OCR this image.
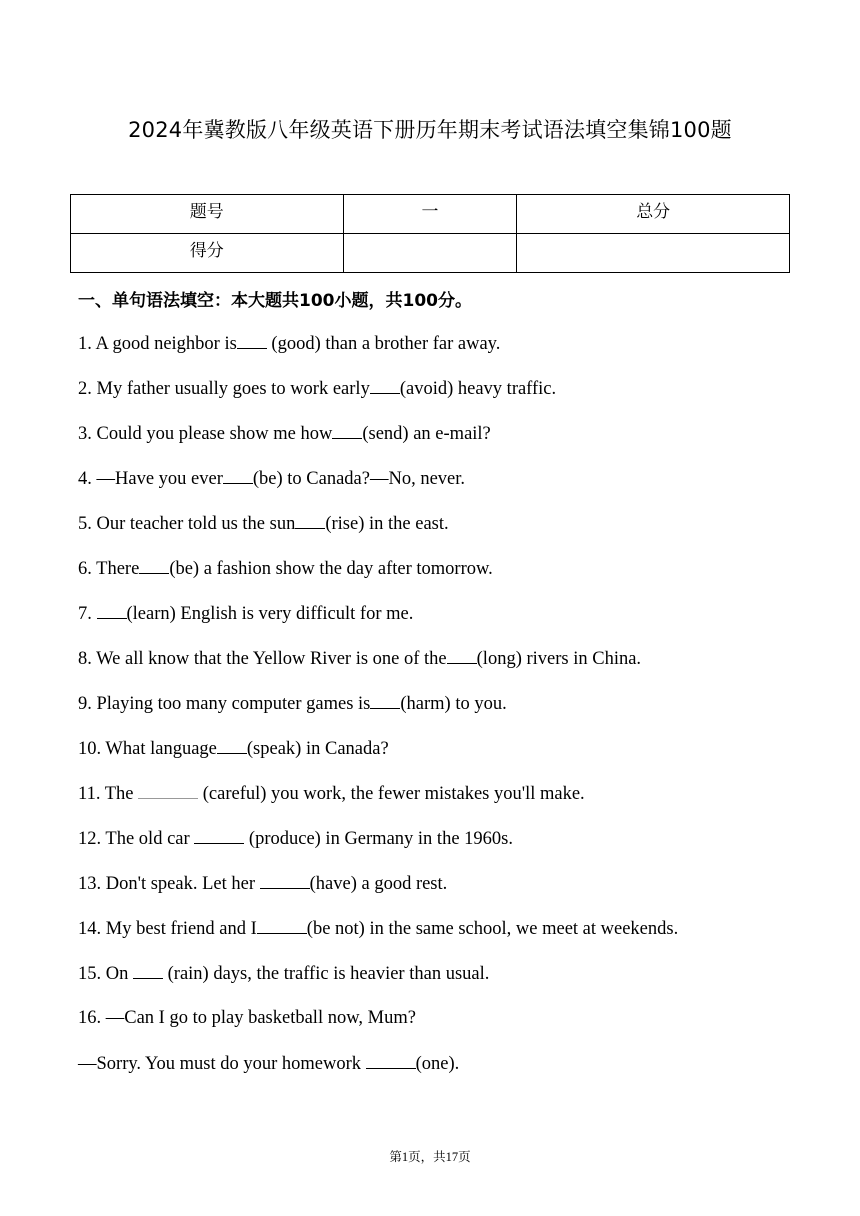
2024年冀教版八年级英语下册历年期末考试语法填空集锦100题
题号	一	总分
得分		
一、单句语法填空：本大题共100小题，共100分。
1. A good neighbor is (good) than a brother far away.
2. My father usually goes to work early (avoid) heavy traffic.
3. Could you please show me how (send) an e-mail?
4. —Have you ever (be) to Canada?—No, never.
5. Our teacher told us the sun (rise) in the east.
6. There (be) a fashion show the day after tomorrow.
7. (learn) English is very difficult for me.
8. We all know that the Yellow River is one of the (long) rivers in China.
9. Playing too many computer games is (harm) to you.
10. What language (speak) in Canada?
11. The	(careful) you work, the fewer mistakes you'll make.
12. The old car	(produce) in Germany in the 1960s.
13. Don't speak. Let her	(have) a good rest.
14. My best friend and I	(be not) in the same school, we meet at weekends.
15. On  (rain) days, the traffic is heavier than usual.
16. —Can I go to play basketball now, Mum?
—Sorry. You must do your homework	(one).
第1页，共17页
